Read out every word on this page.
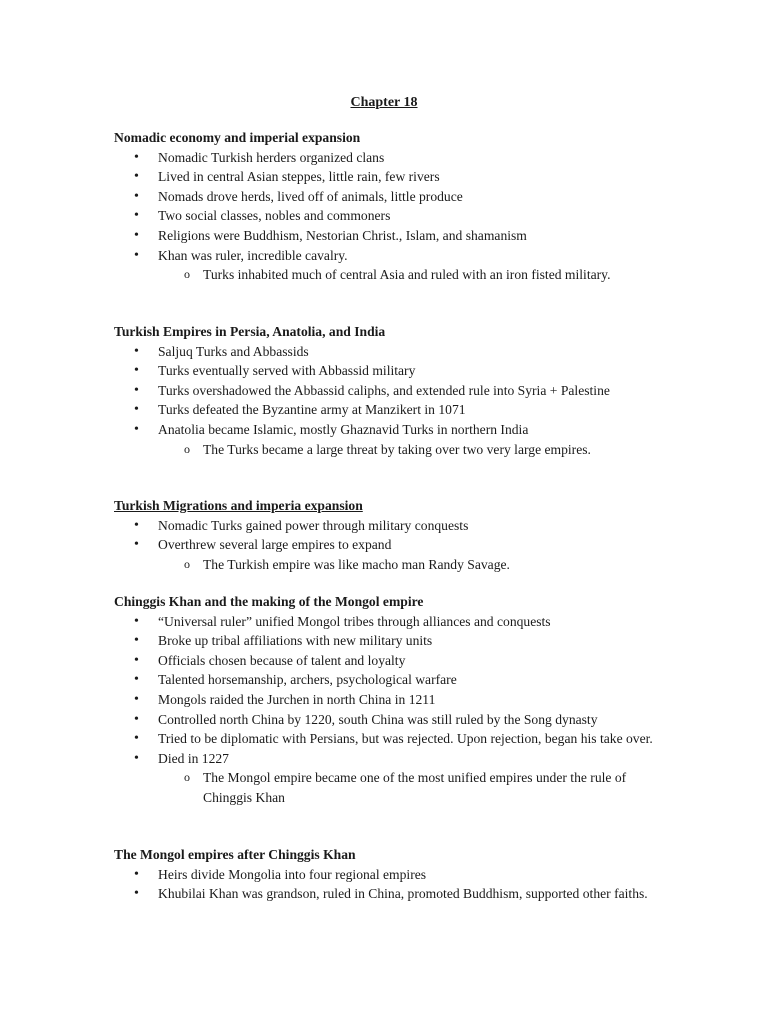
Chapter 18
Nomadic economy and imperial expansion
• Nomadic Turkish herders organized clans
• Lived in central Asian steppes, little rain, few rivers
• Nomads drove herds, lived off of animals, little produce
• Two social classes, nobles and commoners
• Religions were Buddhism, Nestorian Christ., Islam, and shamanism
• Khan was ruler, incredible cavalry.
o Turks inhabited much of central Asia and ruled with an iron fisted military.
Turkish Empires in Persia, Anatolia, and India
• Saljuq Turks and Abbassids
• Turks eventually served with Abbassid military
• Turks overshadowed the Abbassid caliphs, and extended rule into Syria + Palestine
• Turks defeated the Byzantine army at Manzikert in 1071
• Anatolia became Islamic, mostly Ghaznavid Turks in northern India
o The Turks became a large threat by taking over two very large empires.
Turkish Migrations and imperia expansion
• Nomadic Turks gained power through military conquests
• Overthrew several large empires to expand
o The Turkish empire was like macho man Randy Savage.
Chinggis Khan and the making of the Mongol empire
• “Universal ruler” unified Mongol tribes through alliances and conquests
• Broke up tribal affiliations with new military units
• Officials chosen because of talent and loyalty
• Talented horsemanship, archers, psychological warfare
• Mongols raided the Jurchen in north China in 1211
• Controlled north China by 1220, south China was still ruled by the Song dynasty
• Tried to be diplomatic with Persians, but was rejected. Upon rejection, began his take over.
• Died in 1227
o The Mongol empire became one of the most unified empires under the rule of Chinggis Khan
The Mongol empires after Chinggis Khan
• Heirs divide Mongolia into four regional empires
• Khubilai Khan was grandson, ruled in China, promoted Buddhism, supported other faiths.
